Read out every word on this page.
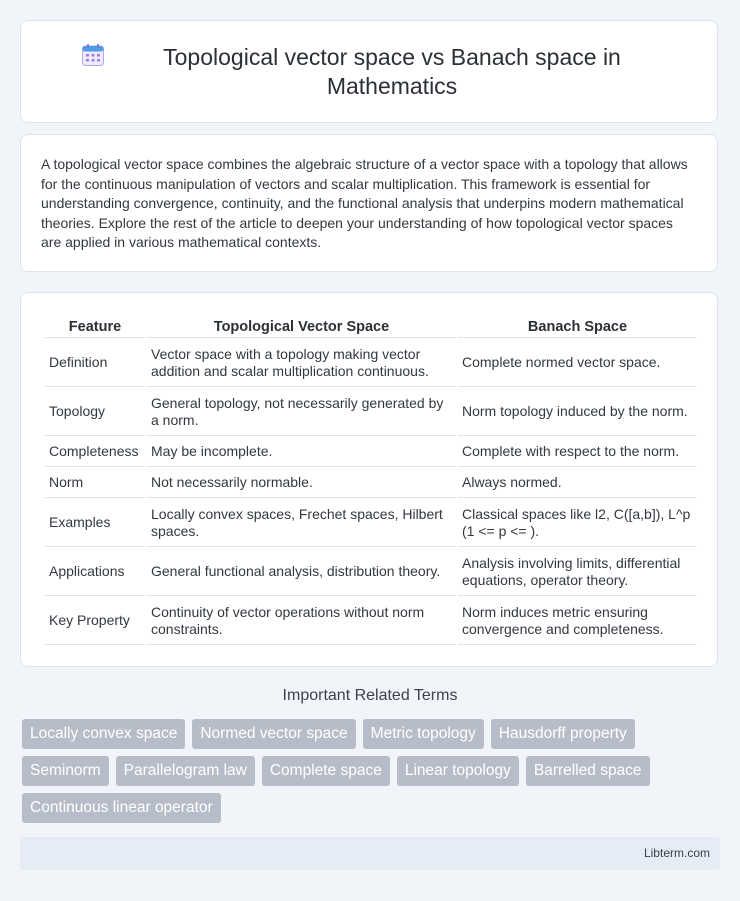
Topological vector space vs Banach space in Mathematics

A topological vector space combines the algebraic structure of a vector space with a topology that allows for the continuous manipulation of vectors and scalar multiplication. This framework is essential for understanding convergence, continuity, and the functional analysis that underpins modern mathematical theories. Explore the rest of the article to deepen your understanding of how topological vector spaces are applied in various mathematical contexts.

Feature	Topological Vector Space	Banach Space
Definition	Vector space with a topology making vector addition and scalar multiplication continuous.	Complete normed vector space.
Topology	General topology, not necessarily generated by a norm.	Norm topology induced by the norm.
Completeness	May be incomplete.	Complete with respect to the norm.
Norm	Not necessarily normable.	Always normed.
Examples	Locally convex spaces, Frechet spaces, Hilbert spaces.	Classical spaces like l2, C([a,b]), L^p (1 <= p <= ).
Applications	General functional analysis, distribution theory.	Analysis involving limits, differential equations, operator theory.
Key Property	Continuity of vector operations without norm constraints.	Norm induces metric ensuring convergence and completeness.
Important Related Terms
Locally convex space	Normed vector space	Metric topology	Hausdorff property
Seminorm	Parallelogram law	Complete space	Linear topology	Barrelled space
Continuous linear operator
Libterm.com
